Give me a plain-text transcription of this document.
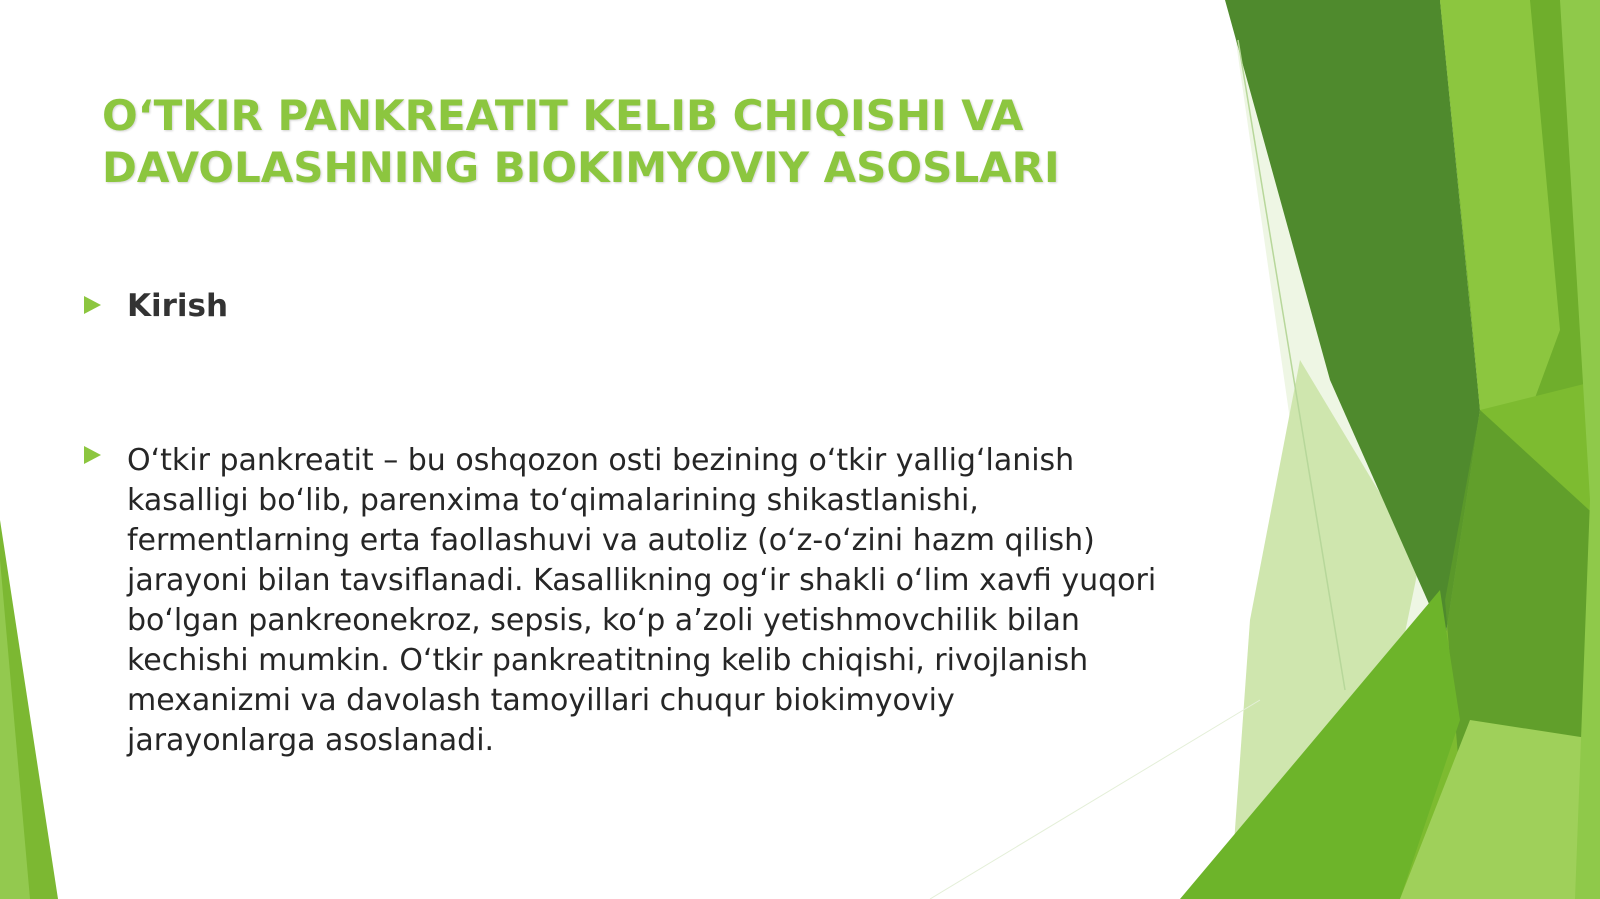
O‘TKIR PANKREATIT KELIB CHIQISHI VA
DAVOLASHNING BIOKIMYOVIY ASOSLARI
Kirish
O‘tkir pankreatit – bu oshqozon osti bezining o‘tkir yallig‘lanish
kasalligi bo‘lib, parenxima to‘qimalarining shikastlanishi,
fermentlarning erta faollashuvi va autoliz (o‘z-o‘zini hazm qilish)
jarayoni bilan tavsiflanadi. Kasallikning og‘ir shakli o‘lim xavfi yuqori
bo‘lgan pankreonekroz, sepsis, ko‘p a’zoli yetishmovchilik bilan
kechishi mumkin. O‘tkir pankreatitning kelib chiqishi, rivojlanish
mexanizmi va davolash tamoyillari chuqur biokimyoviy
jarayonlarga asoslanadi.
